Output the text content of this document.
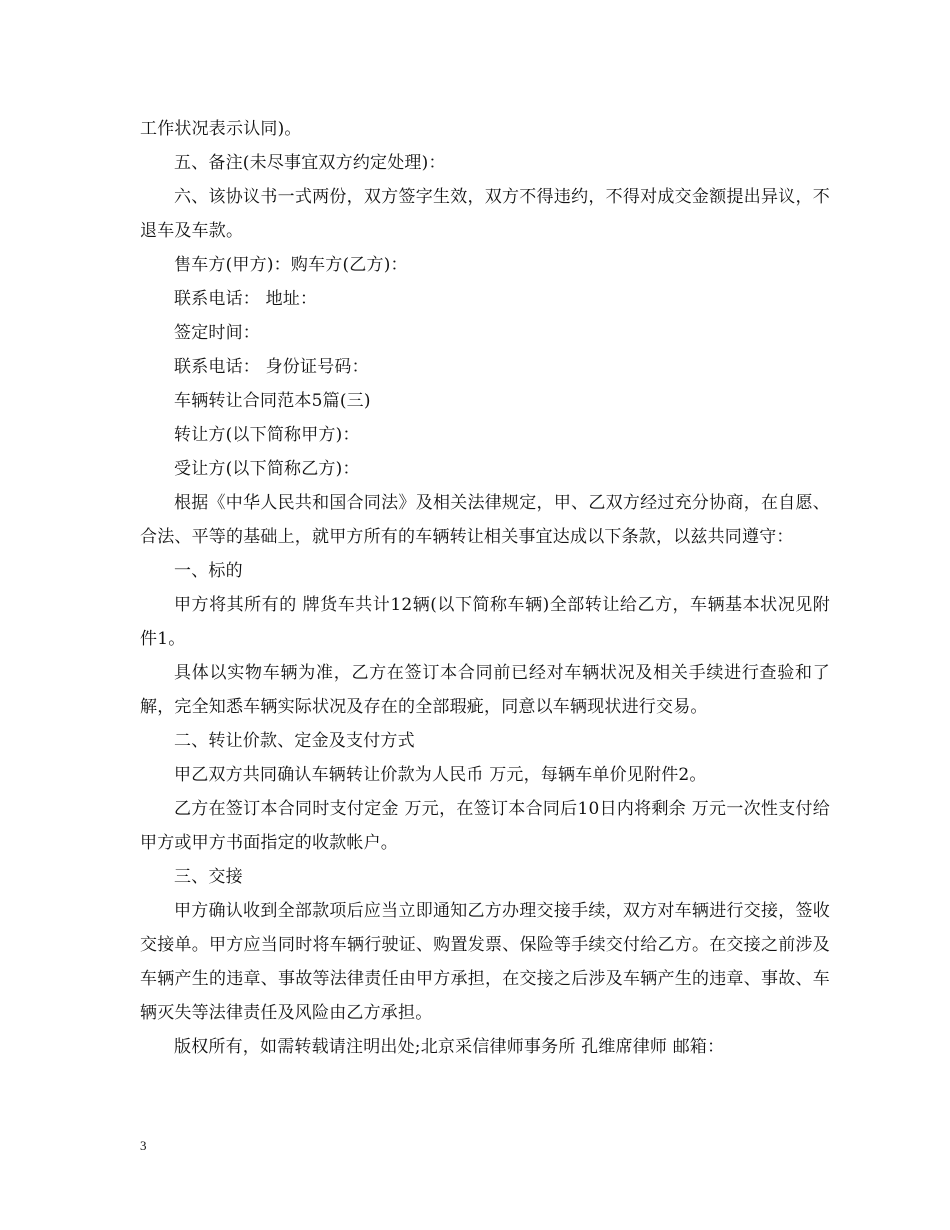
工作状况表示认同)。

五、备注(未尽事宜双方约定处理)：

六、该协议书一式两份，双方签字生效，双方不得违约，不得对成交金额提出异议，不退车及车款。

售车方(甲方)：购车方(乙方)：

联系电话： 地址：

签定时间：

联系电话： 身份证号码：

车辆转让合同范本5篇(三)

转让方(以下简称甲方)：

受让方(以下简称乙方)：

根据《中华人民共和国合同法》及相关法律规定，甲、乙双方经过充分协商，在自愿、合法、平等的基础上，就甲方所有的车辆转让相关事宜达成以下条款，以兹共同遵守：

一、标的

甲方将其所有的 牌货车共计12辆(以下简称车辆)全部转让给乙方，车辆基本状况见附件1。

具体以实物车辆为准，乙方在签订本合同前已经对车辆状况及相关手续进行查验和了解，完全知悉车辆实际状况及存在的全部瑕疵，同意以车辆现状进行交易。

二、转让价款、定金及支付方式

甲乙双方共同确认车辆转让价款为人民币 万元，每辆车单价见附件2。

乙方在签订本合同时支付定金 万元，在签订本合同后10日内将剩余 万元一次性支付给甲方或甲方书面指定的收款帐户。

三、交接

甲方确认收到全部款项后应当立即通知乙方办理交接手续，双方对车辆进行交接，签收交接单。甲方应当同时将车辆行驶证、购置发票、保险等手续交付给乙方。在交接之前涉及车辆产生的违章、事故等法律责任由甲方承担，在交接之后涉及车辆产生的违章、事故、车辆灭失等法律责任及风险由乙方承担。

版权所有，如需转载请注明出处;北京采信律师事务所 孔维席律师 邮箱：

3
